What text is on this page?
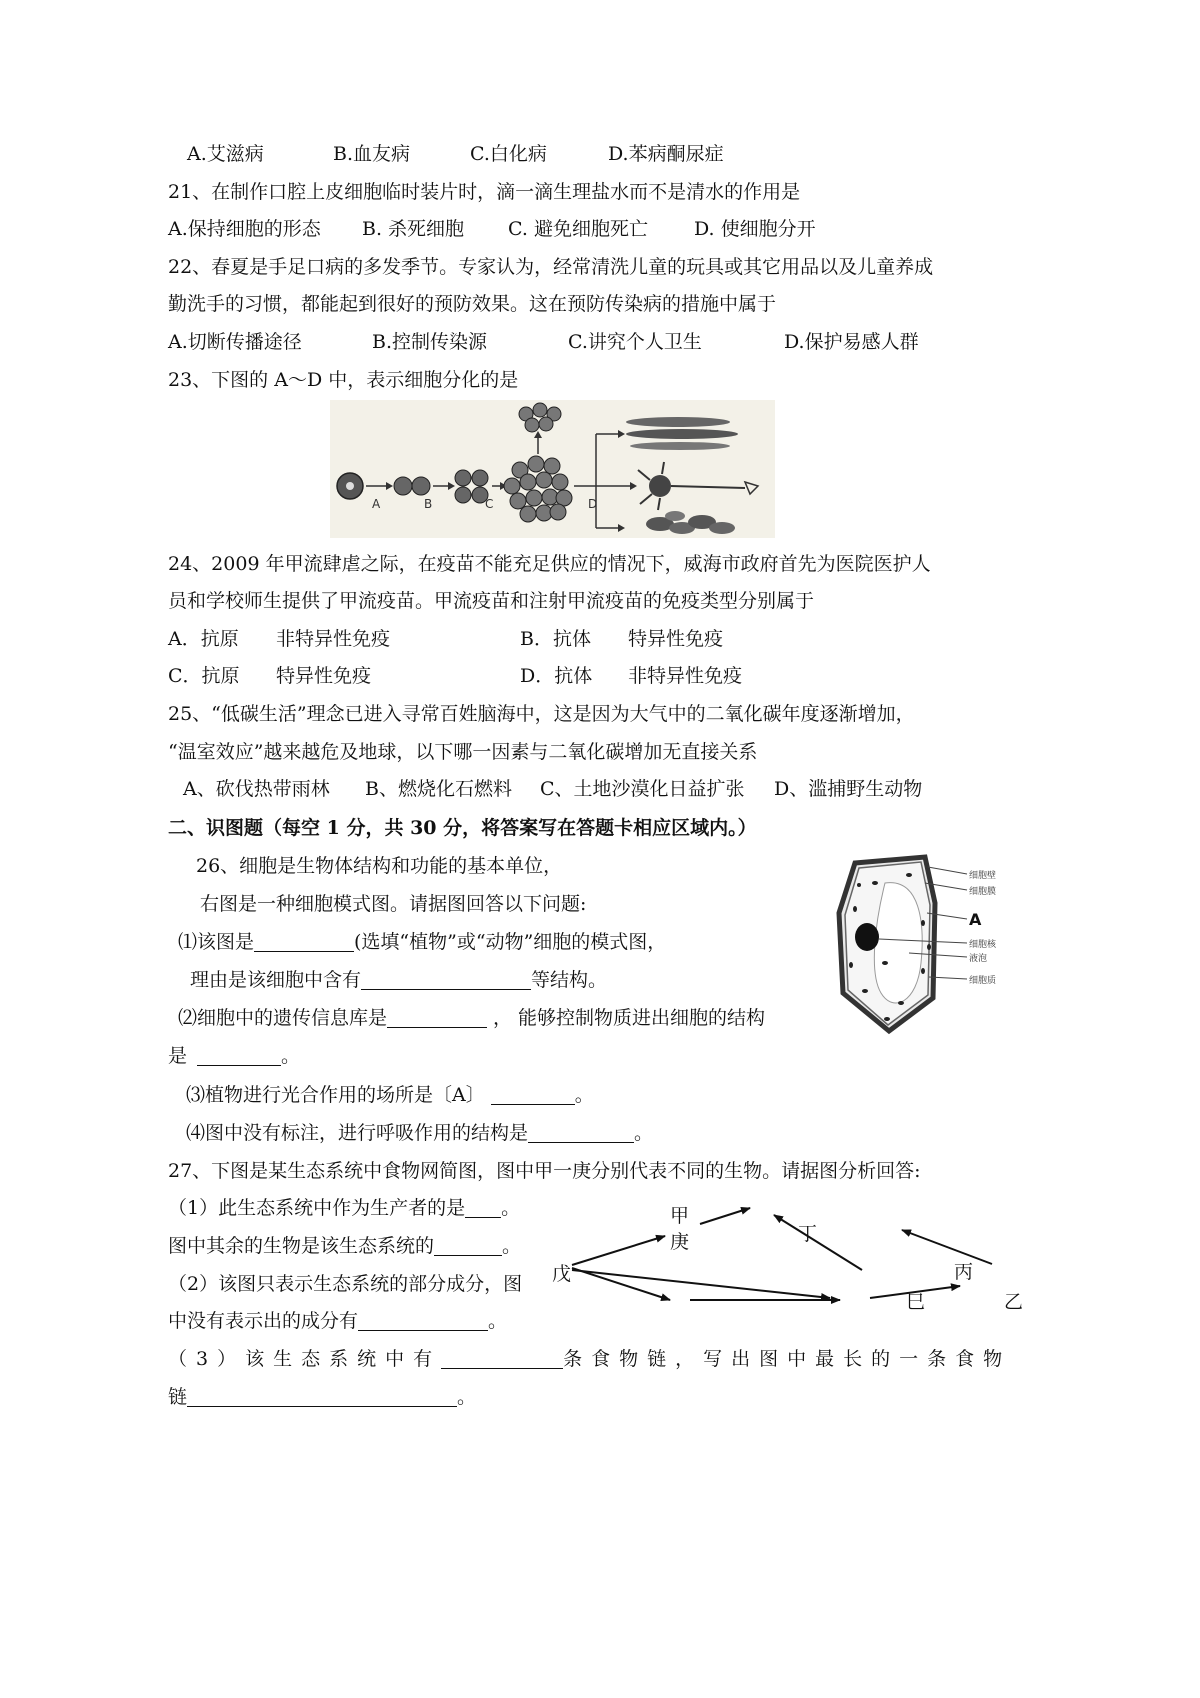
A.艾滋病	B.血友病	C.白化病	D.苯病酮尿症
21、在制作口腔上皮细胞临时装片时，滴一滴生理盐水而不是清水的作用是
A.保持细胞的形态 B. 杀死细胞 C. 避免细胞死亡 D. 使细胞分开
22、春夏是手足口病的多发季节。专家认为，经常清洗儿童的玩具或其它用品以及儿童养成
勤洗手的习惯，都能起到很好的预防效果。这在预防传染病的措施中属于
A.切断传播途径	B.控制传染源	C.讲究个人卫生	D.保护易感人群
23、下图的 A～D 中，表示细胞分化的是
A	B	C	D
24、2009 年甲流肆虐之际，在疫苗不能充足供应的情况下，威海市政府首先为医院医护人
员和学校师生提供了甲流疫苗。甲流疫苗和注射甲流疫苗的免疫类型分别属于
A．抗原 非特异性免疫	B．抗体 特异性免疫
C．抗原 特异性免疫	D．抗体 非特异性免疫
25、“低碳生活”理念已进入寻常百姓脑海中，这是因为大气中的二氧化碳年度逐渐增加，
“温室效应”越来越危及地球，以下哪一因素与二氧化碳增加无直接关系
A、砍伐热带雨林 B、燃烧化石燃料 C、土地沙漠化日益扩张 D、滥捕野生动物
二、识图题（每空 1 分，共 30 分，将答案写在答题卡相应区域内。）
26、细胞是生物体结构和功能的基本单位，
右图是一种细胞模式图。请据图回答以下问题:
⑴该图是	(选填“植物”或“动物”细胞的模式图，
理由是该细胞中含有	等结构。
⑵细胞中的遗传信息库是	， 能够控制物质进出细胞的结构
是	。
⑶植物进行光合作用的场所是〔A〕	。
⑷图中没有标注，进行呼吸作用的结构是	。
细胞壁
细胞膜
A
细胞核
液泡
细胞质
27、下图是某生态系统中食物网简图，图中甲一庚分别代表不同的生物。请据图分析回答:
（1）此生态系统中作为生产者的是 。
图中其余的生物是该生态系统的	。
（2）该图只表示生态系统的部分成分，图
中没有表示出的成分有	。
（3）该生态系统中有	条食物链，写出图中最长的一条食物
链	。
甲
庚	丁
戊	丙
巳	乙
